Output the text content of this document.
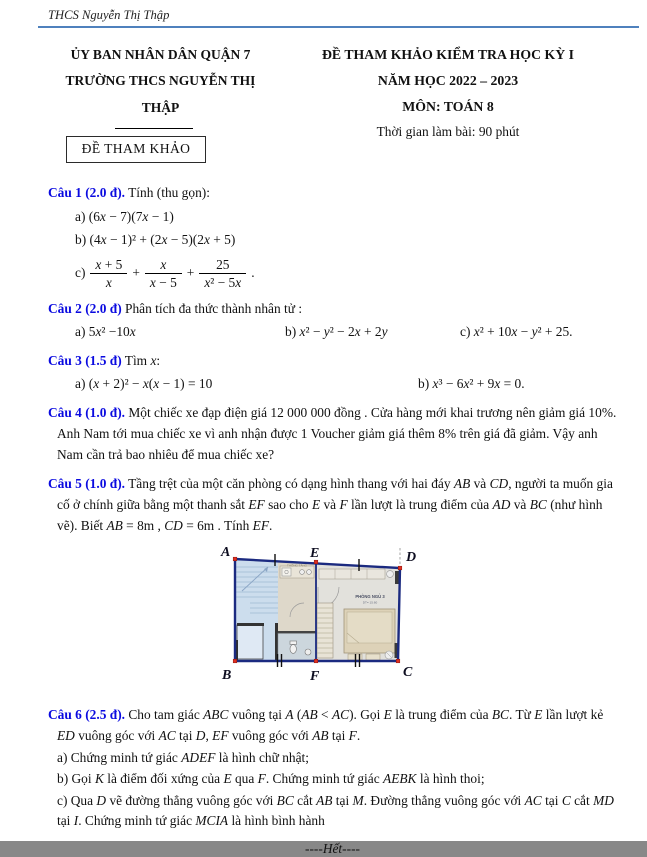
THCS Nguyễn Thị Thập
ỦY BAN NHÂN DÂN QUẬN 7
TRƯỜNG THCS NGUYỄN THỊ THẬP
ĐỀ THAM KHẢO
ĐỀ THAM KHẢO KIỂM TRA HỌC KỲ I
NĂM HỌC 2022 – 2023
MÔN: TOÁN 8
Thời gian làm bài: 90 phút
Câu 1 (2.0 đ). Tính (thu gọn):
a) (6x − 7)(7x − 1)
b) (4x − 1)² + (2x − 5)(2x + 5)
$c) \frac{x + 5}{x} + \frac{x}{x - 5} + \frac{25}{\text{x² − 5x}}$ .
Câu 2 (2.0 đ) Phân tích đa thức thành nhân tử :
a) 5x² −10x	b) x² − y² − 2x + 2y	c) x² + 10x − y² + 25.
Câu 3 (1.5 đ) Tìm x:
a) (x + 2)² − x(x − 1) = 10	b) x³ − 6x² + 9x = 0.
Câu 4 (1.0 đ). Một chiếc xe đạp điện giá 12 000 000 đồng . Cửa hàng mới khai trương nên giảm giá 10%. Anh Nam tới mua chiếc xe vì anh nhận được 1 Voucher giảm giá thêm 8% trên giá đã giảm. Vậy anh Nam cần trả bao nhiêu để mua chiếc xe?
Câu 5 (1.0 đ). Tầng trệt của một căn phòng có dạng hình thang với hai đáy AB và CD, người ta muốn gia cố ở chính giữa bằng một thanh sắt EF sao cho E và F lần lượt là trung điểm của AD và BC (như hình vẽ). Biết AB = 8m , CD = 6m . Tính EF.
THÔNG TẦNG
PHÒNG NGỦ 3
DT= 15.60
A	E	D
B	F	C
Câu 6 (2.5 đ). Cho tam giác ABC vuông tại A (AB < AC). Gọi E là trung điểm của BC. Từ E lần lượt kẻ ED vuông góc với AC tại D, EF vuông góc với AB tại F.
a) Chứng minh tứ giác ADEF là hình chữ nhật;
b) Gọi K là điểm đối xứng của E qua F. Chứng minh tứ giác AEBK là hình thoi;
c) Qua D vẽ đường thẳng vuông góc với BC cắt AB tại M. Đường thẳng vuông góc với AC tại C cắt MD tại I. Chứng minh tứ giác MCIA là hình bình hành
----Hết----
